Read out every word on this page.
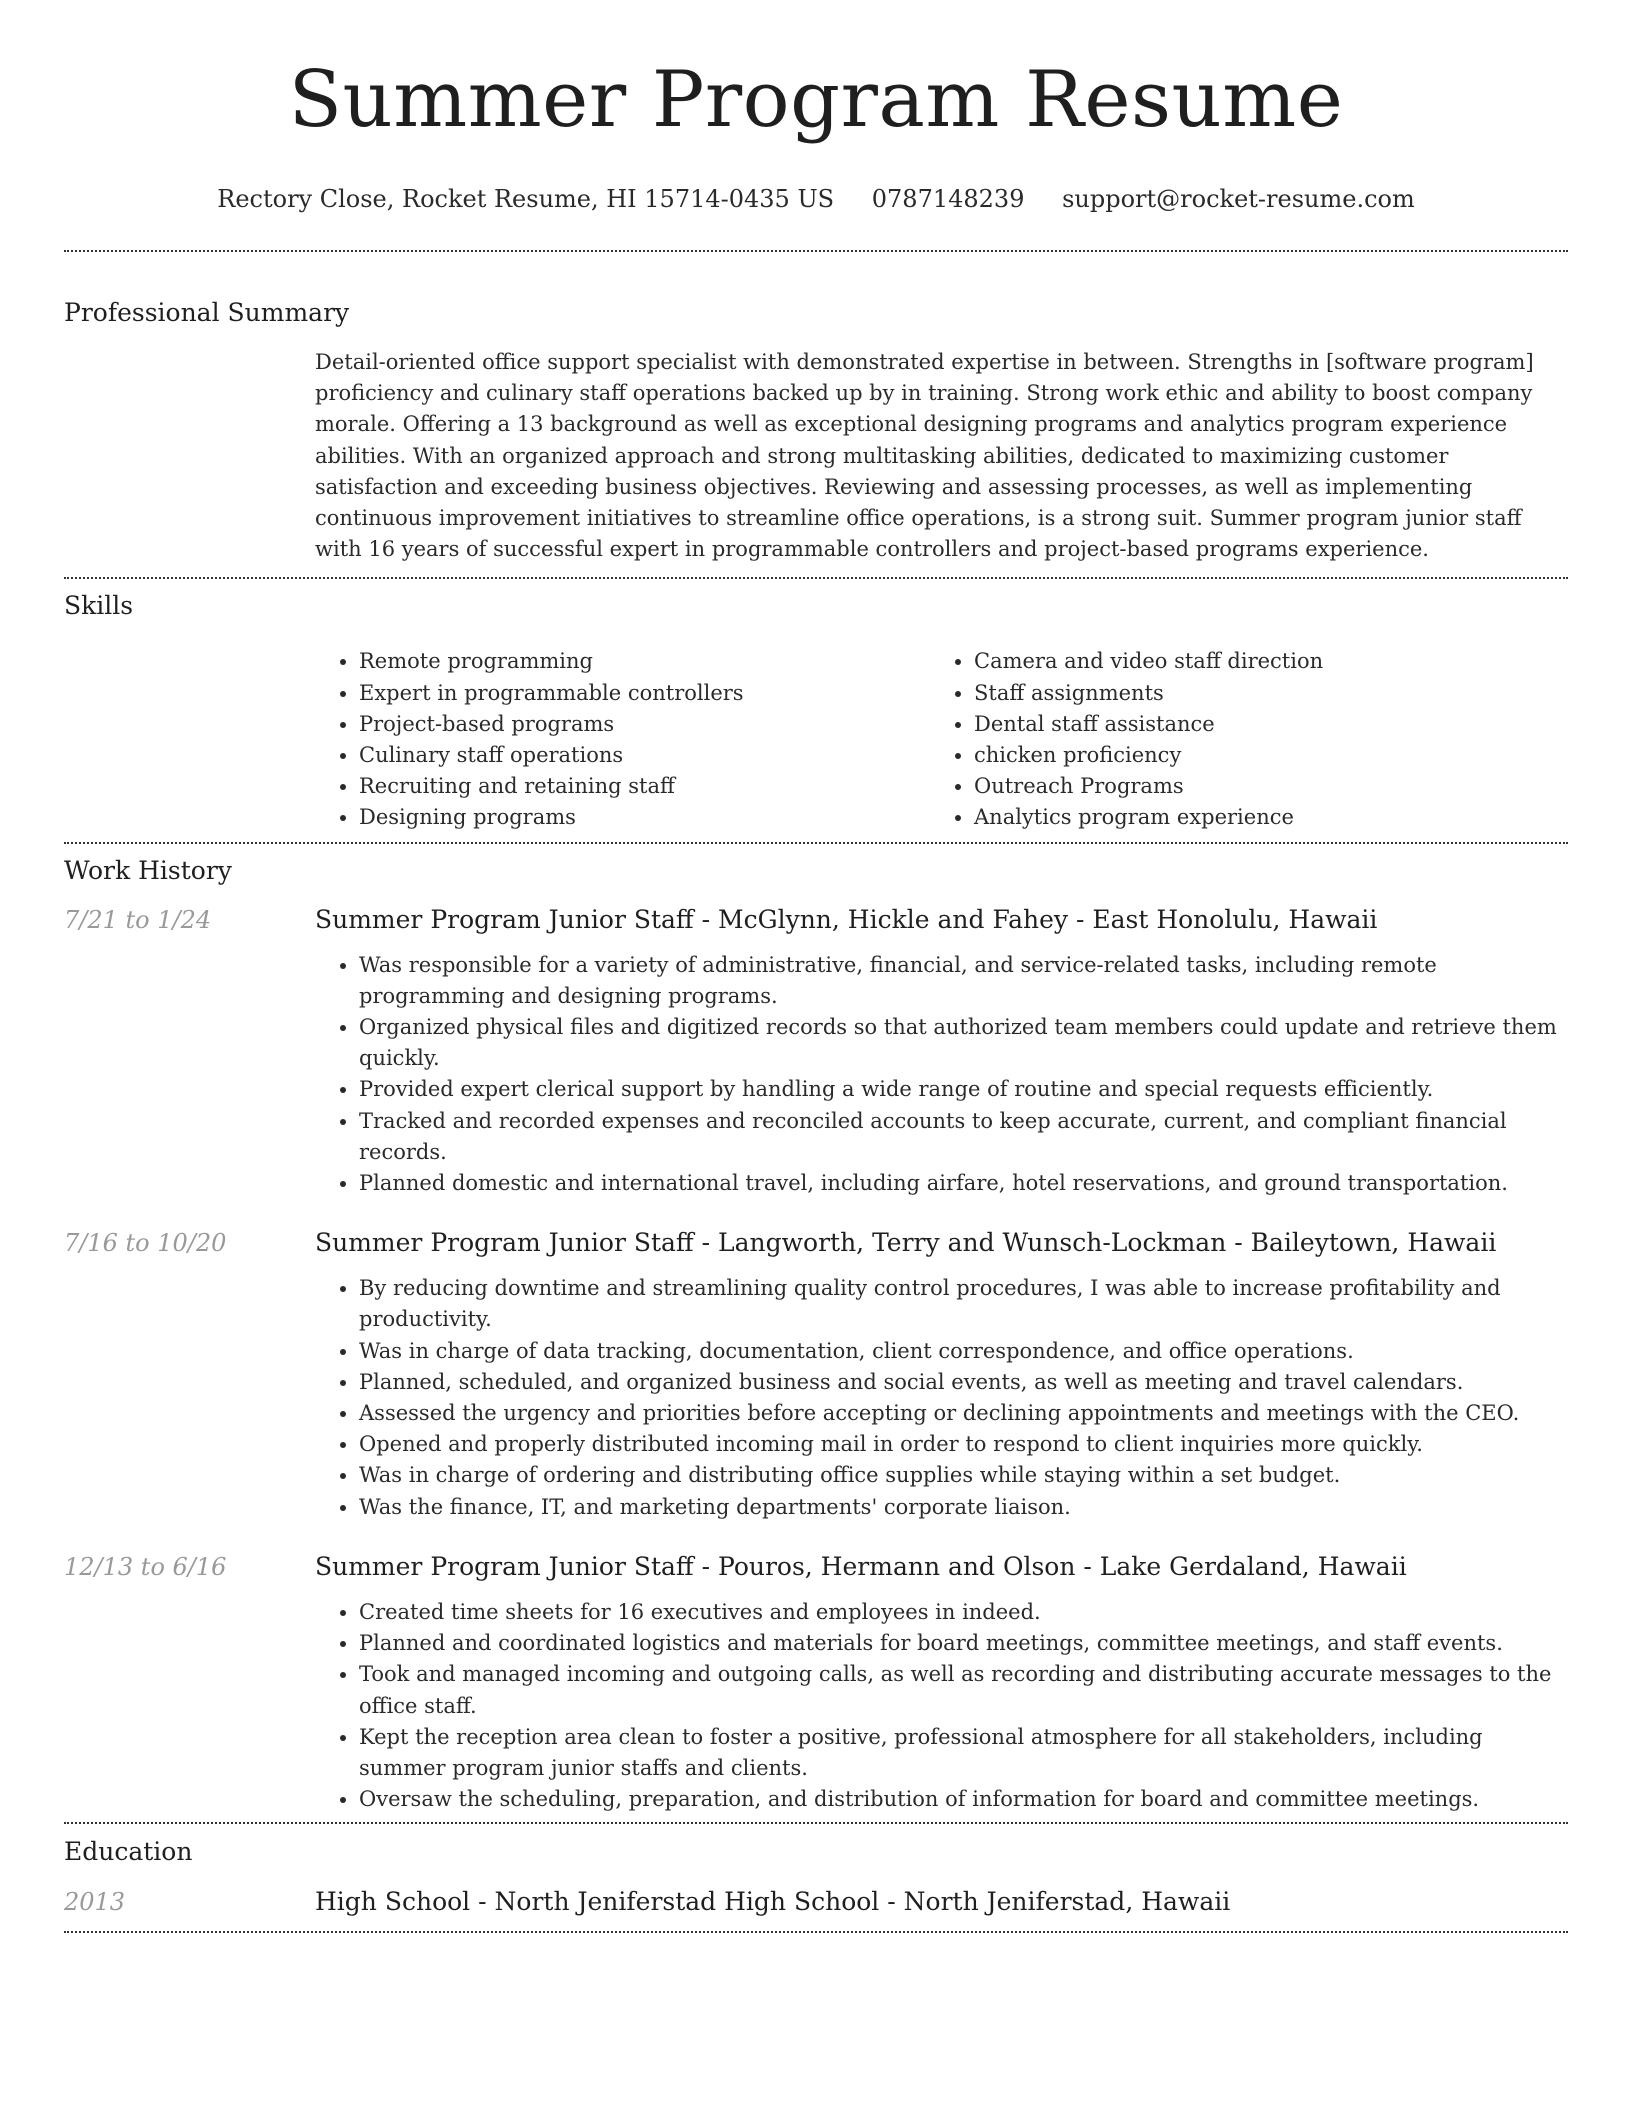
Summer Program Resume
Rectory Close, Rocket Resume, HI 15714-0435 US 0787148239 support@rocket-resume.com
Professional Summary

Detail-oriented office support specialist with demonstrated expertise in between. Strengths in [software program] proficiency and culinary staff operations backed up by in training. Strong work ethic and ability to boost company morale. Offering a 13 background as well as exceptional designing programs and analytics program experience abilities. With an organized approach and strong multitasking abilities, dedicated to maximizing customer satisfaction and exceeding business objectives. Reviewing and assessing processes, as well as implementing continuous improvement initiatives to streamline office operations, is a strong suit. Summer program junior staff with 16 years of successful expert in programmable controllers and project-based programs experience.

Skills
• Remote programming
• Expert in programmable controllers
• Project-based programs
• Culinary staff operations
• Recruiting and retaining staff
• Designing programs
• Camera and video staff direction
• Staff assignments
• Dental staff assistance
• chicken proficiency
• Outreach Programs
• Analytics program experience
Work History
7/21 to 1/24	Summer Program Junior Staff - McGlynn, Hickle and Fahey - East Honolulu, Hawaii
• Was responsible for a variety of administrative, financial, and service-related tasks, including remote programming and designing programs.
• Organized physical files and digitized records so that authorized team members could update and retrieve them quickly.
• Provided expert clerical support by handling a wide range of routine and special requests efficiently.
• Tracked and recorded expenses and reconciled accounts to keep accurate, current, and compliant financial records.
• Planned domestic and international travel, including airfare, hotel reservations, and ground transportation.
7/16 to 10/20	Summer Program Junior Staff - Langworth, Terry and Wunsch-Lockman - Baileytown, Hawaii
• By reducing downtime and streamlining quality control procedures, I was able to increase profitability and productivity.
• Was in charge of data tracking, documentation, client correspondence, and office operations.
• Planned, scheduled, and organized business and social events, as well as meeting and travel calendars.
• Assessed the urgency and priorities before accepting or declining appointments and meetings with the CEO.
• Opened and properly distributed incoming mail in order to respond to client inquiries more quickly.
• Was in charge of ordering and distributing office supplies while staying within a set budget.
• Was the finance, IT, and marketing departments' corporate liaison.
12/13 to 6/16	Summer Program Junior Staff - Pouros, Hermann and Olson - Lake Gerdaland, Hawaii
• Created time sheets for 16 executives and employees in indeed.
• Planned and coordinated logistics and materials for board meetings, committee meetings, and staff events.
• Took and managed incoming and outgoing calls, as well as recording and distributing accurate messages to the office staff.
• Kept the reception area clean to foster a positive, professional atmosphere for all stakeholders, including summer program junior staffs and clients.
• Oversaw the scheduling, preparation, and distribution of information for board and committee meetings.
Education
2013	High School - North Jeniferstad High School - North Jeniferstad, Hawaii
